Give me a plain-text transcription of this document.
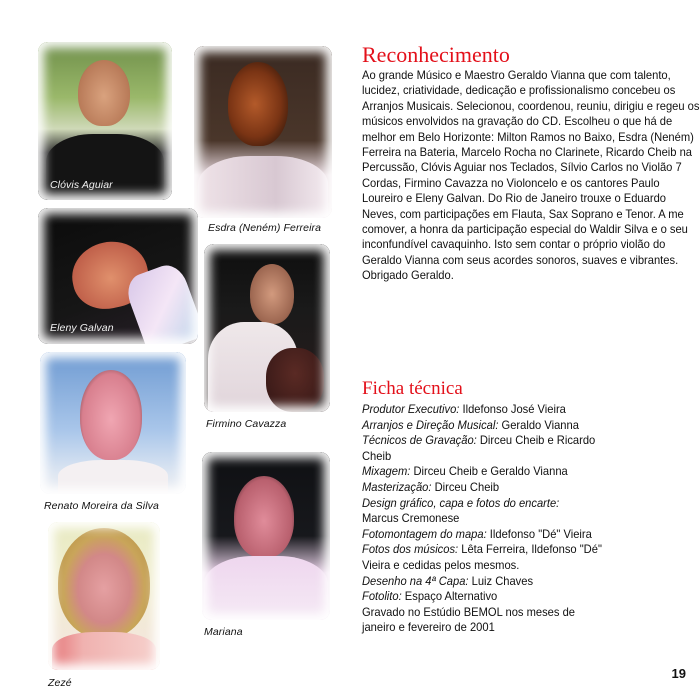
Clóvis Aguiar
Esdra (Neném) Ferreira
Eleny Galvan
Firmino Cavazza
Renato Moreira da Silva
Mariana
Zezé
Reconhecimento
Ao grande Músico e Maestro Geraldo Vianna que com talento, lucidez, criatividade, dedicação e profissionalismo concebeu os Arranjos Musicais. Selecionou, coordenou, reuniu, dirigiu e regeu os músicos envolvidos na gravação do CD. Escolheu o que há de melhor em Belo Horizonte: Milton Ramos no Baixo, Esdra (Neném) Ferreira na Bateria, Marcelo Rocha no Clarinete, Ricardo Cheib na Percussão, Clóvis Aguiar nos Teclados, Sílvio Carlos no Violão 7 Cordas, Firmino Cavazza no Violoncelo e os cantores Paulo Loureiro e Eleny Galvan. Do Rio de Janeiro trouxe o Eduardo Neves, com participações em Flauta, Sax Soprano e Tenor. A me comover, a honra da participação especial do Waldir Silva e o seu inconfundível cavaquinho. Isto sem contar o próprio violão do Geraldo Vianna com seus acordes sonoros, suaves e vibrantes. Obrigado Geraldo.
Ficha técnica
Produtor Executivo: Ildefonso José Vieira
Arranjos e Direção Musical: Geraldo Vianna
Técnicos de Gravação: Dirceu Cheib e Ricardo
Cheib
Mixagem: Dirceu Cheib e Geraldo Vianna
Masterização: Dirceu Cheib
Design gráfico, capa e fotos do encarte:
Marcus Cremonese
Fotomontagem do mapa: Ildefonso "Dé" Vieira
Fotos dos músicos: Lêta Ferreira, Ildefonso "Dé"
Vieira e cedidas pelos mesmos.
Desenho na 4ª Capa: Luiz Chaves
Fotolito: Espaço Alternativo
Gravado no Estúdio BEMOL nos meses de
janeiro e fevereiro de 2001
19
